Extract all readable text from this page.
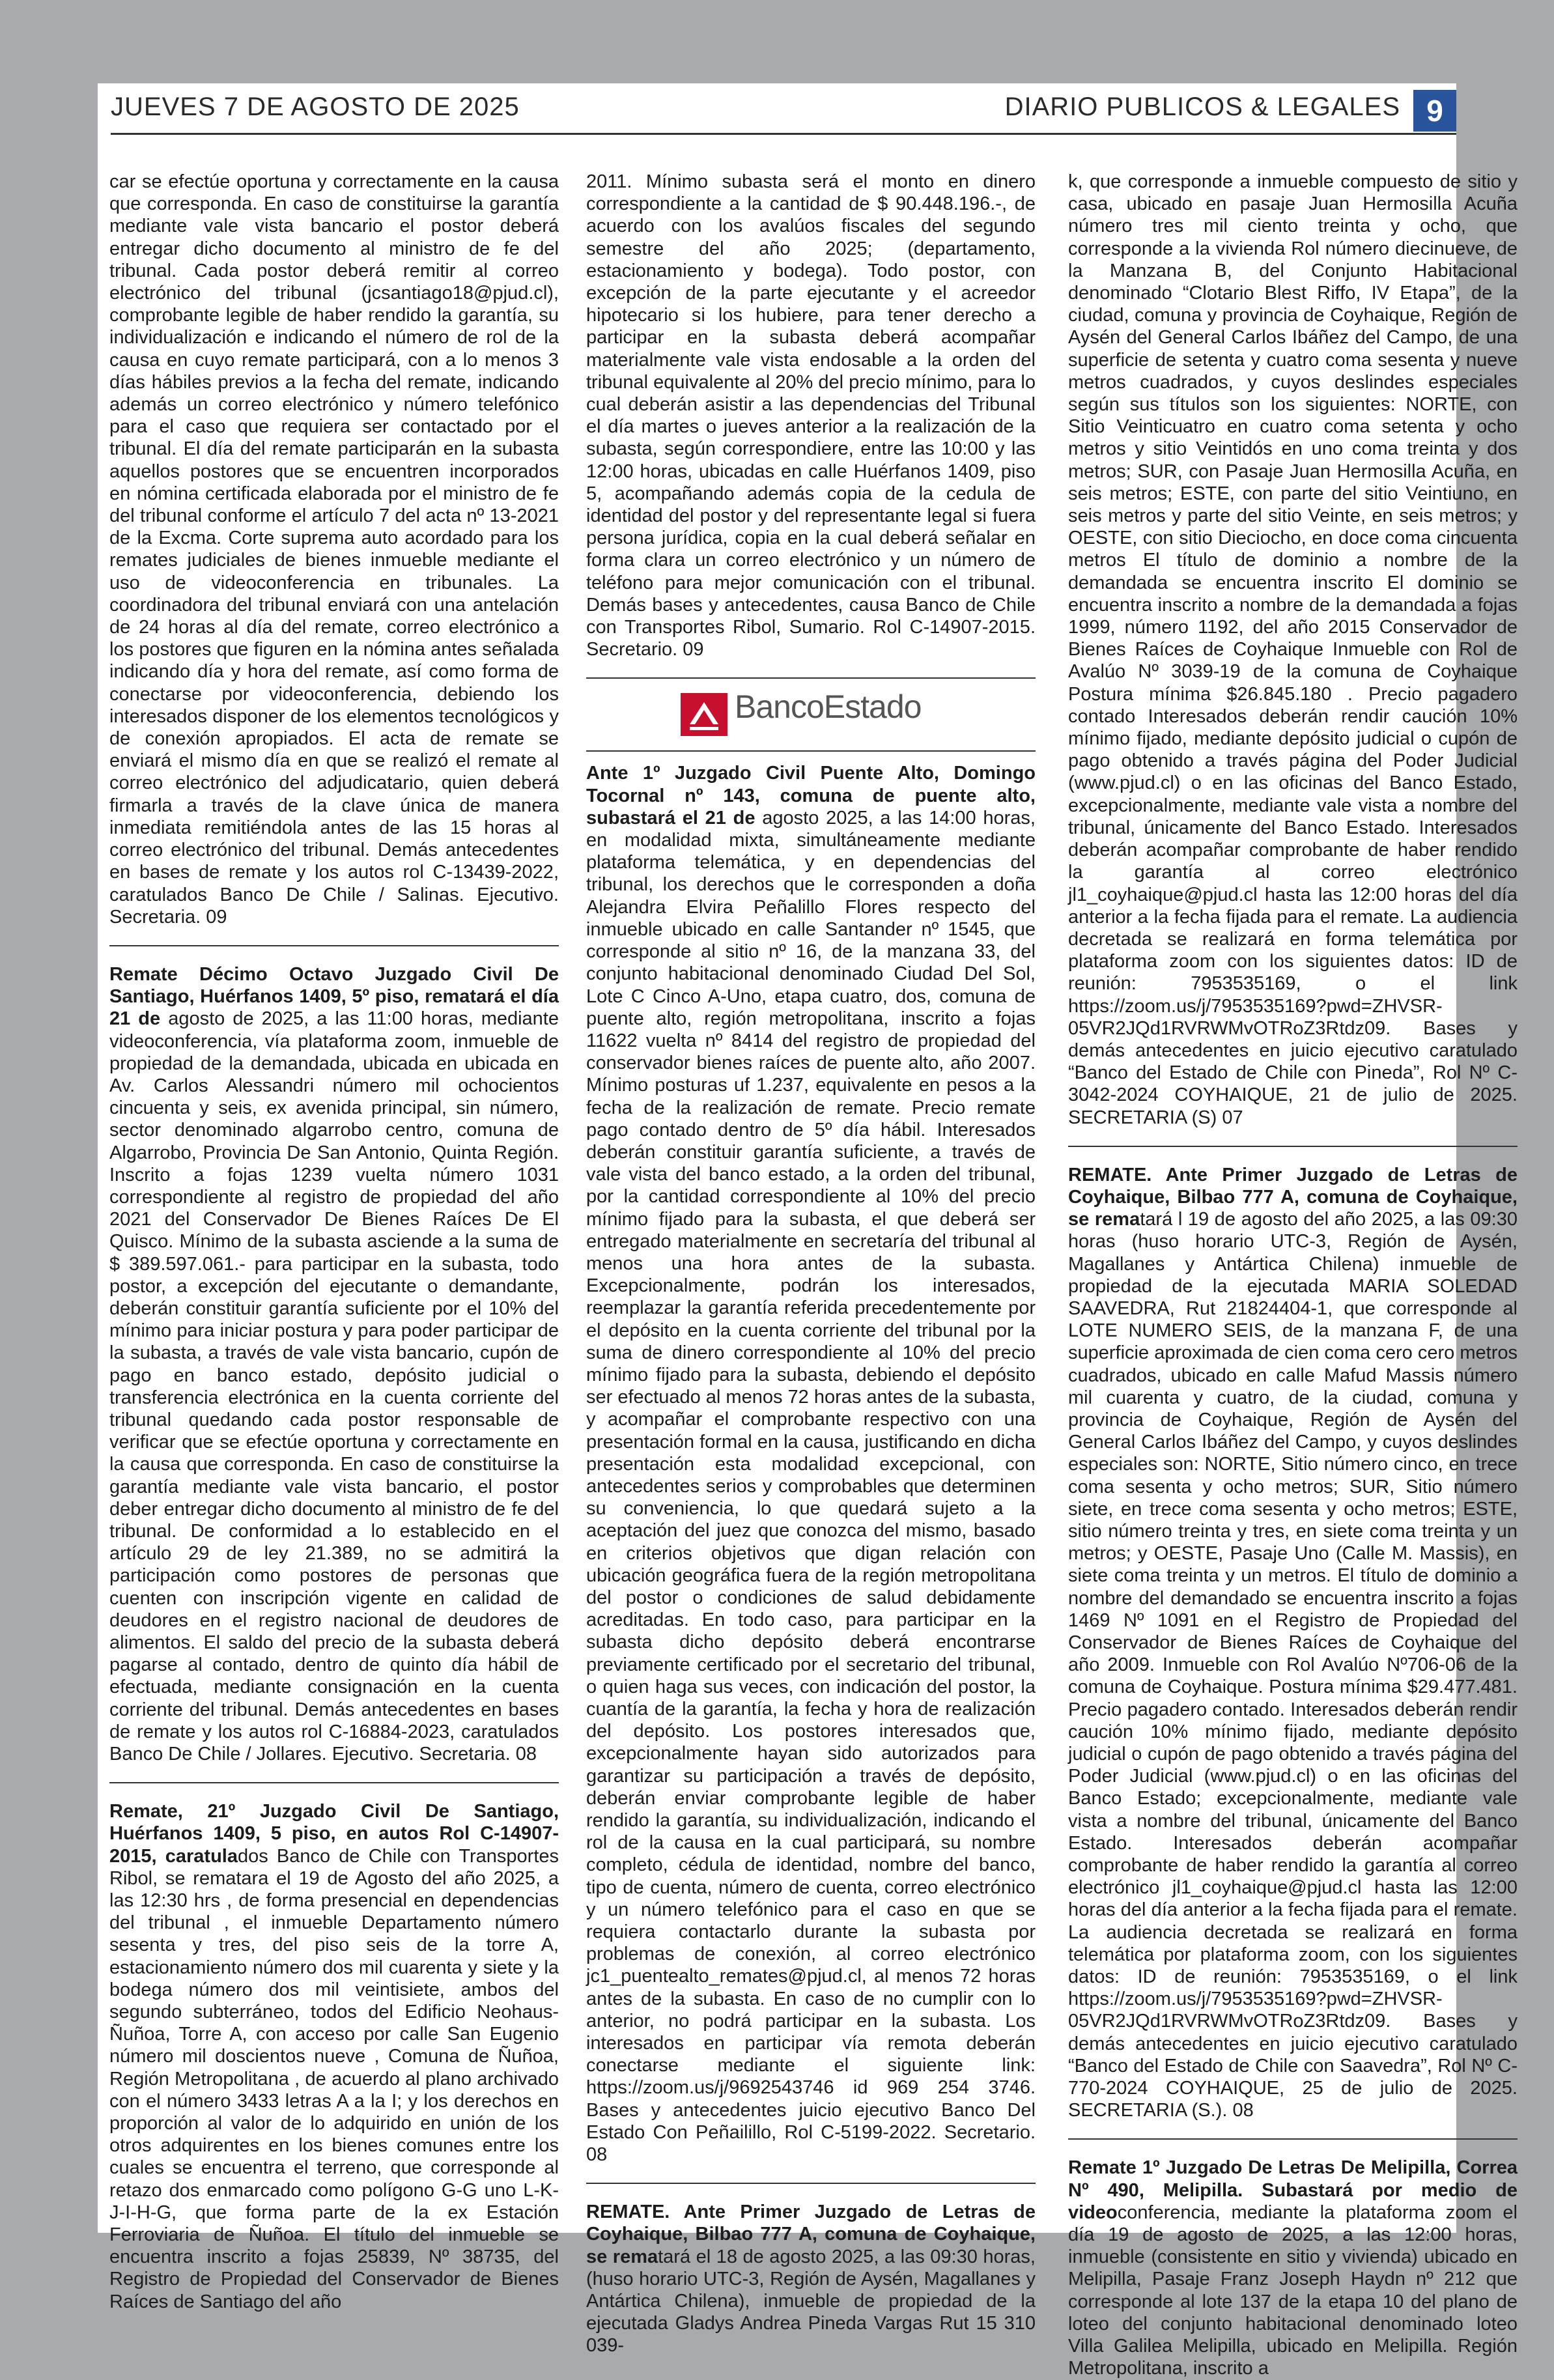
JUEVES 7 DE AGOSTO DE 2025	DIARIO PUBLICOS & LEGALES 9

car se efectúe oportuna y correctamente en la causa que corresponda. En caso de constituirse la garantía mediante vale vista bancario el postor deberá entregar dicho documento al ministro de fe del tribunal. Cada postor deberá remitir al correo electrónico del tribunal (jcsantiago18@pjud.cl), comprobante legible de haber rendido la garantía, su individualización e indicando el número de rol de la causa en cuyo remate participará, con a lo menos 3 días hábiles previos a la fecha del remate, indicando además un correo electrónico y número telefónico para el caso que requiera ser contactado por el tribunal. El día del remate participarán en la subasta aquellos postores que se encuentren incorporados en nómina certificada elaborada por el ministro de fe del tribunal conforme el artículo 7 del acta nº 13-2021 de la Excma. Corte suprema auto acordado para los remates judiciales de bienes inmueble mediante el uso de videoconferencia en tribunales. La coordinadora del tribunal enviará con una antelación de 24 horas al día del remate, correo electrónico a los postores que figuren en la nómina antes señalada indicando día y hora del remate, así como forma de conectarse por videoconferencia, debiendo los interesados disponer de los elementos tecnológicos y de conexión apropiados. El acta de remate se enviará el mismo día en que se realizó el remate al correo electrónico del adjudicatario, quien deberá firmarla a través de la clave única de manera inmediata remitiéndola antes de las 15 horas al correo electrónico del tribunal. Demás antecedentes en bases de remate y los autos rol C-13439-2022, caratulados Banco De Chile / Salinas. Ejecutivo. Secretaria. 09

Remate Décimo Octavo Juzgado Civil De Santiago, Huérfanos 1409, 5º piso, rematará el día 21 de agosto de 2025, a las 11:00 horas, mediante videoconferencia, vía plataforma zoom, inmueble de propiedad de la demandada, ubicada en ubicada en Av. Carlos Alessandri número mil ochocientos cincuenta y seis, ex avenida principal, sin número, sector denominado algarrobo centro, comuna de Algarrobo, Provincia De San Antonio, Quinta Región. Inscrito a fojas 1239 vuelta número 1031 correspondiente al registro de propiedad del año 2021 del Conservador De Bienes Raíces De El Quisco. Mínimo de la subasta asciende a la suma de $ 389.597.061.- para participar en la subasta, todo postor, a excepción del ejecutante o demandante, deberán constituir garantía suficiente por el 10% del mínimo para iniciar postura y para poder participar de la subasta, a través de vale vista bancario, cupón de pago en banco estado, depósito judicial o transferencia electrónica en la cuenta corriente del tribunal quedando cada postor responsable de verificar que se efectúe oportuna y correctamente en la causa que corresponda. En caso de constituirse la garantía mediante vale vista bancario, el postor deber entregar dicho documento al ministro de fe del tribunal. De conformidad a lo establecido en el artículo 29 de ley 21.389, no se admitirá la participación como postores de personas que cuenten con inscripción vigente en calidad de deudores en el registro nacional de deudores de alimentos. El saldo del precio de la subasta deberá pagarse al contado, dentro de quinto día hábil de efectuada, mediante consignación en la cuenta corriente del tribunal. Demás antecedentes en bases de remate y los autos rol C-16884-2023, caratulados Banco De Chile / Jollares. Ejecutivo. Secretaria. 08

Remate, 21º Juzgado Civil De Santiago, Huérfanos 1409, 5 piso, en autos Rol C-14907-2015, caratulados Banco de Chile con Transportes Ribol, se rematara el 19 de Agosto del año 2025, a las 12:30 hrs , de forma presencial en dependencias del tribunal , el inmueble Departamento número sesenta y tres, del piso seis de la torre A, estacionamiento número dos mil cuarenta y siete y la bodega número dos mil veintisiete, ambos del segundo subterráneo, todos del Edificio Neohaus- Ñuñoa, Torre A, con acceso por calle San Eugenio número mil doscientos nueve , Comuna de Ñuñoa, Región Metropolitana , de acuerdo al plano archivado con el número 3433 letras A a la I; y los derechos en proporción al valor de lo adquirido en unión de los otros adquirentes en los bienes comunes entre los cuales se encuentra el terreno, que corresponde al retazo dos enmarcado como polígono G-G uno L-K-J-I-H-G, que forma parte de la ex Estación Ferroviaria de Ñuñoa. El título del inmueble se encuentra inscrito a fojas 25839, Nº 38735, del Registro de Propiedad del Conservador de Bienes Raíces de Santiago del año

2011. Mínimo subasta será el monto en dinero correspondiente a la cantidad de $ 90.448.196.-, de acuerdo con los avalúos fiscales del segundo semestre del año 2025; (departamento, estacionamiento y bodega). Todo postor, con excepción de la parte ejecutante y el acreedor hipotecario si los hubiere, para tener derecho a participar en la subasta deberá acompañar materialmente vale vista endosable a la orden del tribunal equivalente al 20% del precio mínimo, para lo cual deberán asistir a las dependencias del Tribunal el día martes o jueves anterior a la realización de la subasta, según correspondiere, entre las 10:00 y las 12:00 horas, ubicadas en calle Huérfanos 1409, piso 5, acompañando además copia de la cedula de identidad del postor y del representante legal si fuera persona jurídica, copia en la cual deberá señalar en forma clara un correo electrónico y un número de teléfono para mejor comunicación con el tribunal. Demás bases y antecedentes, causa Banco de Chile con Transportes Ribol, Sumario. Rol C-14907-2015. Secretario. 09

BancoEstado

Ante 1º Juzgado Civil Puente Alto, Domingo Tocornal nº 143, comuna de puente alto, subastará el 21 de agosto 2025, a las 14:00 horas, en modalidad mixta, simultáneamente mediante plataforma telemática, y en dependencias del tribunal, los derechos que le corresponden a doña Alejandra Elvira Peñalillo Flores respecto del inmueble ubicado en calle Santander nº 1545, que corresponde al sitio nº 16, de la manzana 33, del conjunto habitacional denominado Ciudad Del Sol, Lote C Cinco A-Uno, etapa cuatro, dos, comuna de puente alto, región metropolitana, inscrito a fojas 11622 vuelta nº 8414 del registro de propiedad del conservador bienes raíces de puente alto, año 2007. Mínimo posturas uf 1.237, equivalente en pesos a la fecha de la realización de remate. Precio remate pago contado dentro de 5º día hábil. Interesados deberán constituir garantía suficiente, a través de vale vista del banco estado, a la orden del tribunal, por la cantidad correspondiente al 10% del precio mínimo fijado para la subasta, el que deberá ser entregado materialmente en secretaría del tribunal al menos una hora antes de la subasta. Excepcionalmente, podrán los interesados, reemplazar la garantía referida precedentemente por el depósito en la cuenta corriente del tribunal por la suma de dinero correspondiente al 10% del precio mínimo fijado para la subasta, debiendo el depósito ser efectuado al menos 72 horas antes de la subasta, y acompañar el comprobante respectivo con una presentación formal en la causa, justificando en dicha presentación esta modalidad excepcional, con antecedentes serios y comprobables que determinen su conveniencia, lo que quedará sujeto a la aceptación del juez que conozca del mismo, basado en criterios objetivos que digan relación con ubicación geográfica fuera de la región metropolitana del postor o condiciones de salud debidamente acreditadas. En todo caso, para participar en la subasta dicho depósito deberá encontrarse previamente certificado por el secretario del tribunal, o quien haga sus veces, con indicación del postor, la cuantía de la garantía, la fecha y hora de realización del depósito. Los postores interesados que, excepcionalmente hayan sido autorizados para garantizar su participación a través de depósito, deberán enviar comprobante legible de haber rendido la garantía, su individualización, indicando el rol de la causa en la cual participará, su nombre completo, cédula de identidad, nombre del banco, tipo de cuenta, número de cuenta, correo electrónico y un número telefónico para el caso en que se requiera contactarlo durante la subasta por problemas de conexión, al correo electrónico jc1_puentealto_remates@pjud.cl, al menos 72 horas antes de la subasta. En caso de no cumplir con lo anterior, no podrá participar en la subasta. Los interesados en participar vía remota deberán conectarse mediante el siguiente link: https://zoom.us/j/9692543746 id 969 254 3746. Bases y antecedentes juicio ejecutivo Banco Del Estado Con Peñailillo, Rol C-5199-2022. Secretario. 08

REMATE. Ante Primer Juzgado de Letras de Coyhaique, Bilbao 777 A, comuna de Coyhaique, se rematará el 18 de agosto 2025, a las 09:30 horas, (huso horario UTC-3, Región de Aysén, Magallanes y Antártica Chilena), inmueble de propiedad de la ejecutada Gladys Andrea Pineda Vargas Rut 15 310 039-

k, que corresponde a inmueble compuesto de sitio y casa, ubicado en pasaje Juan Hermosilla Acuña número tres mil ciento treinta y ocho, que corresponde a la vivienda Rol número diecinueve, de la Manzana B, del Conjunto Habitacional denominado “Clotario Blest Riffo, IV Etapa”, de la ciudad, comuna y provincia de Coyhaique, Región de Aysén del General Carlos Ibáñez del Campo, de una superficie de setenta y cuatro coma sesenta y nueve metros cuadrados, y cuyos deslindes especiales según sus títulos son los siguientes: NORTE, con Sitio Veinticuatro en cuatro coma setenta y ocho metros y sitio Veintidós en uno coma treinta y dos metros; SUR, con Pasaje Juan Hermosilla Acuña, en seis metros; ESTE, con parte del sitio Veintiuno, en seis metros y parte del sitio Veinte, en seis metros; y OESTE, con sitio Dieciocho, en doce coma cincuenta metros El título de dominio a nombre de la demandada se encuentra inscrito El dominio se encuentra inscrito a nombre de la demandada a fojas 1999, número 1192, del año 2015 Conservador de Bienes Raíces de Coyhaique Inmueble con Rol de Avalúo Nº 3039-19 de la comuna de Coyhaique Postura mínima $26.845.180 . Precio pagadero contado Interesados deberán rendir caución 10% mínimo fijado, mediante depósito judicial o cupón de pago obtenido a través página del Poder Judicial (www.pjud.cl) o en las oficinas del Banco Estado, excepcionalmente, mediante vale vista a nombre del tribunal, únicamente del Banco Estado. Interesados deberán acompañar comprobante de haber rendido la garantía al correo electrónico jl1_coyhaique@pjud.cl hasta las 12:00 horas del día anterior a la fecha fijada para el remate. La audiencia decretada se realizará en forma telemática por plataforma zoom con los siguientes datos: ID de reunión: 7953535169, o el link https://zoom.us/j/7953535169?pwd=ZHVSR-05VR2JQd1RVRWMvOTRoZ3Rtdz09. Bases y demás antecedentes en juicio ejecutivo caratulado “Banco del Estado de Chile con Pineda”, Rol Nº C-3042-2024 COYHAIQUE, 21 de julio de 2025. SECRETARIA (S) 07

REMATE. Ante Primer Juzgado de Letras de Coyhaique, Bilbao 777 A, comuna de Coyhaique, se rematará l 19 de agosto del año 2025, a las 09:30 horas (huso horario UTC-3, Región de Aysén, Magallanes y Antártica Chilena) inmueble de propiedad de la ejecutada MARIA SOLEDAD SAAVEDRA, Rut 21824404-1, que corresponde al LOTE NUMERO SEIS, de la manzana F, de una superficie aproximada de cien coma cero cero metros cuadrados, ubicado en calle Mafud Massis número mil cuarenta y cuatro, de la ciudad, comuna y provincia de Coyhaique, Región de Aysén del General Carlos Ibáñez del Campo, y cuyos deslindes especiales son: NORTE, Sitio número cinco, en trece coma sesenta y ocho metros; SUR, Sitio número siete, en trece coma sesenta y ocho metros; ESTE, sitio número treinta y tres, en siete coma treinta y un metros; y OESTE, Pasaje Uno (Calle M. Massis), en siete coma treinta y un metros. El título de dominio a nombre del demandado se encuentra inscrito a fojas 1469 Nº 1091 en el Registro de Propiedad del Conservador de Bienes Raíces de Coyhaique del año 2009. Inmueble con Rol Avalúo Nº706-06 de la comuna de Coyhaique. Postura mínima $29.477.481. Precio pagadero contado. Interesados deberán rendir caución 10% mínimo fijado, mediante depósito judicial o cupón de pago obtenido a través página del Poder Judicial (www.pjud.cl) o en las oficinas del Banco Estado; excepcionalmente, mediante vale vista a nombre del tribunal, únicamente del Banco Estado. Interesados deberán acompañar comprobante de haber rendido la garantía al correo electrónico jl1_coyhaique@pjud.cl hasta las 12:00 horas del día anterior a la fecha fijada para el remate. La audiencia decretada se realizará en forma telemática por plataforma zoom, con los siguientes datos: ID de reunión: 7953535169, o el link https://zoom.us/j/7953535169?pwd=ZHVSR-05VR2JQd1RVRWMvOTRoZ3Rtdz09. Bases y demás antecedentes en juicio ejecutivo caratulado “Banco del Estado de Chile con Saavedra”, Rol Nº C-770-2024 COYHAIQUE, 25 de julio de 2025. SECRETARIA (S.). 08

Remate 1º Juzgado De Letras De Melipilla, Correa Nº 490, Melipilla. Subastará por medio de videoconferencia, mediante la plataforma zoom el día 19 de agosto de 2025, a las 12:00 horas, inmueble (consistente en sitio y vivienda) ubicado en Melipilla, Pasaje Franz Joseph Haydn nº 212 que corresponde al lote 137 de la etapa 10 del plano de loteo del conjunto habitacional denominado loteo Villa Galilea Melipilla, ubicado en Melipilla. Región Metropolitana, inscrito a
